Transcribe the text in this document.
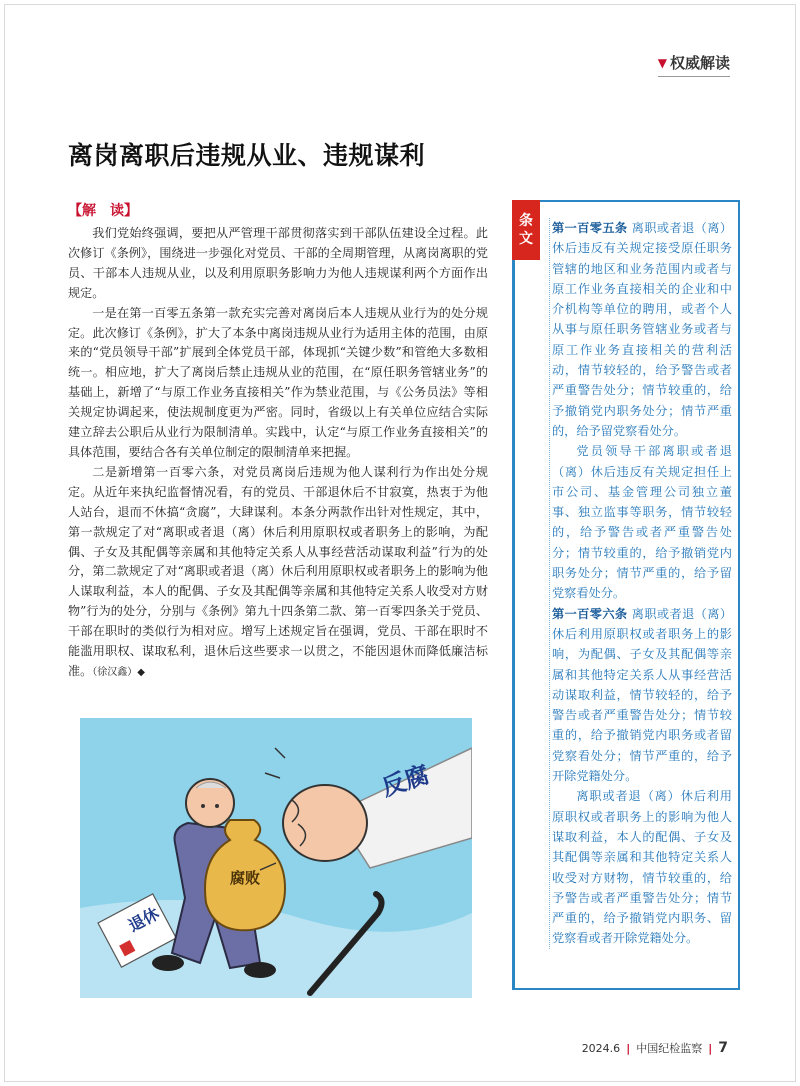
▼ 权威解读
离岗离职后违规从业、违规谋利
【解　读】

我们党始终强调，要把从严管理干部贯彻落实到干部队伍建设全过程。此次修订《条例》，围绕进一步强化对党员、干部的全周期管理，从离岗离职的党员、干部本人违规从业，以及利用原职务影响力为他人违规谋利两个方面作出规定。

一是在第一百零五条第一款充实完善对离岗后本人违规从业行为的处分规定。此次修订《条例》，扩大了本条中离岗违规从业行为适用主体的范围，由原来的“党员领导干部”扩展到全体党员干部，体现抓“关键少数”和管绝大多数相统一。相应地，扩大了离岗后禁止违规从业的范围，在“原任职务管辖业务”的基础上，新增了“与原工作业务直接相关”作为禁业范围，与《公务员法》等相关规定协调起来，使法规制度更为严密。同时，省级以上有关单位应结合实际建立辞去公职后从业行为限制清单。实践中，认定“与原工作业务直接相关”的具体范围，要结合各有关单位制定的限制清单来把握。

二是新增第一百零六条，对党员离岗后违规为他人谋利行为作出处分规定。从近年来执纪监督情况看，有的党员、干部退休后不甘寂寞，热衷于为他人站台，退而不休搞“贪腐”，大肆谋利。本条分两款作出针对性规定，其中，第一款规定了对“离职或者退（离）休后利用原职权或者职务上的影响，为配偶、子女及其配偶等亲属和其他特定关系人从事经营活动谋取利益”行为的处分，第二款规定了对“离职或者退（离）休后利用原职权或者职务上的影响为他人谋取利益，本人的配偶、子女及其配偶等亲属和其他特定关系人收受对方财物”行为的处分，分别与《条例》第九十四条第二款、第一百零四条关于党员、干部在职时的类似行为相对应。增写上述规定旨在强调，党员、干部在职时不能滥用职权、谋取私利，退休后这些要求一以贯之，不能因退休而降低廉洁标准。（徐汉鑫）◆

退休
腐败
反腐
条
文

第一百零五条 离职或者退（离）休后违反有关规定接受原任职务管辖的地区和业务范围内或者与原工作业务直接相关的企业和中介机构等单位的聘用，或者个人从事与原任职务管辖业务或者与原工作业务直接相关的营利活动，情节较轻的，给予警告或者严重警告处分；情节较重的，给予撤销党内职务处分；情节严重的，给予留党察看处分。

党员领导干部离职或者退（离）休后违反有关规定担任上市公司、基金管理公司独立董事、独立监事等职务，情节较轻的，给予警告或者严重警告处分；情节较重的，给予撤销党内职务处分；情节严重的，给予留党察看处分。

第一百零六条 离职或者退（离）休后利用原职权或者职务上的影响，为配偶、子女及其配偶等亲属和其他特定关系人从事经营活动谋取利益，情节较轻的，给予警告或者严重警告处分；情节较重的，给予撤销党内职务或者留党察看处分；情节严重的，给予开除党籍处分。

离职或者退（离）休后利用原职权或者职务上的影响为他人谋取利益，本人的配偶、子女及其配偶等亲属和其他特定关系人收受对方财物，情节较重的，给予警告或者严重警告处分；情节严重的，给予撤销党内职务、留党察看或者开除党籍处分。

2024.6 | 中国纪检监察 | 7
